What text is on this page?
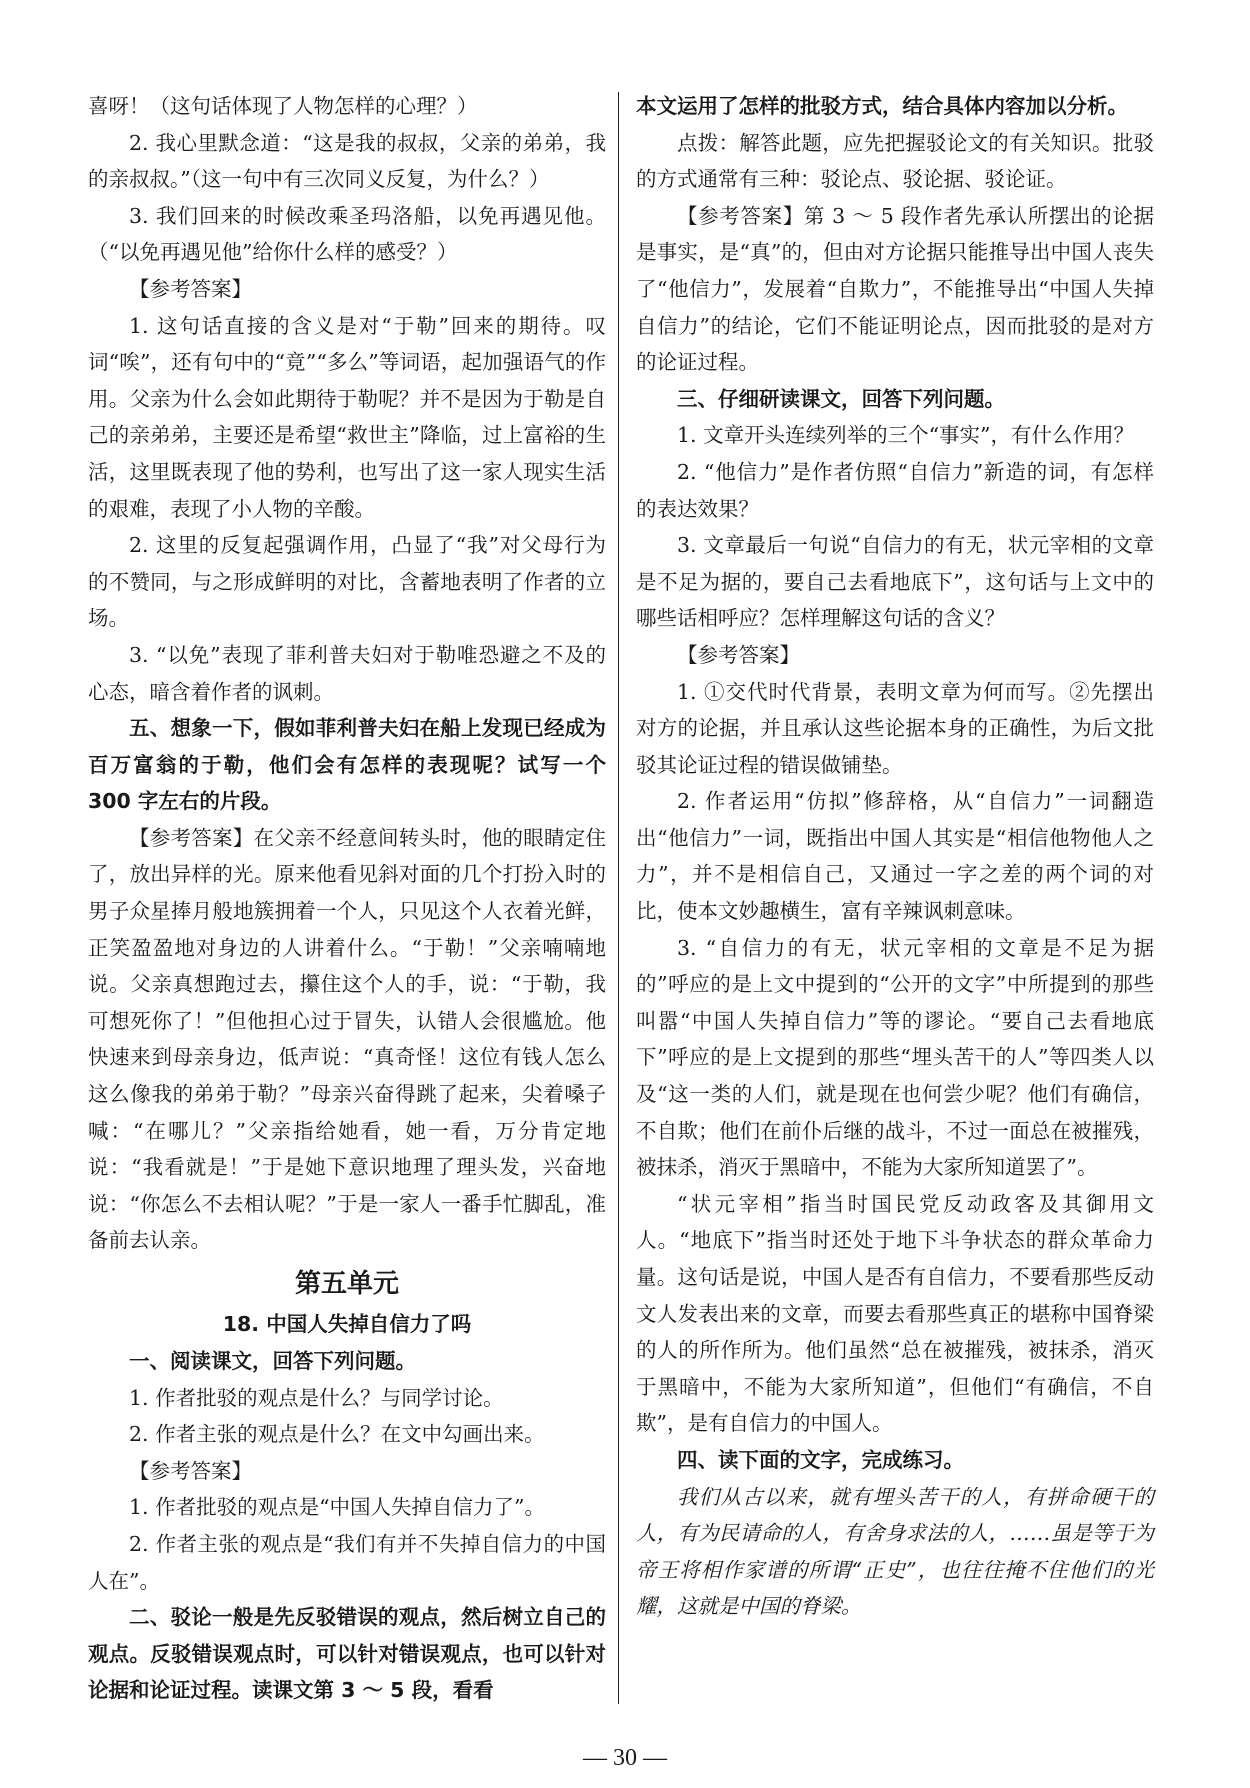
喜呀！（这句话体现了人物怎样的心理？）

2. 我心里默念道：“这是我的叔叔，父亲的弟弟，我的亲叔叔。”（这一句中有三次同义反复，为什么？）

3. 我们回来的时候改乘圣玛洛船，以免再遇见他。（“以免再遇见他”给你什么样的感受？）

【参考答案】

1. 这句话直接的含义是对“于勒”回来的期待。叹词“唉”，还有句中的“竟”“多么”等词语，起加强语气的作用。父亲为什么会如此期待于勒呢？并不是因为于勒是自己的亲弟弟，主要还是希望“救世主”降临，过上富裕的生活，这里既表现了他的势利，也写出了这一家人现实生活的艰难，表现了小人物的辛酸。

2. 这里的反复起强调作用，凸显了“我”对父母行为的不赞同，与之形成鲜明的对比，含蓄地表明了作者的立场。

3. “以免”表现了菲利普夫妇对于勒唯恐避之不及的心态，暗含着作者的讽刺。

五、想象一下，假如菲利普夫妇在船上发现已经成为百万富翁的于勒，他们会有怎样的表现呢？试写一个 300 字左右的片段。

【参考答案】在父亲不经意间转头时，他的眼睛定住了，放出异样的光。原来他看见斜对面的几个打扮入时的男子众星捧月般地簇拥着一个人，只见这个人衣着光鲜，正笑盈盈地对身边的人讲着什么。“于勒！”父亲喃喃地说。父亲真想跑过去，攥住这个人的手，说：“于勒，我可想死你了！”但他担心过于冒失，认错人会很尴尬。他快速来到母亲身边，低声说：“真奇怪！这位有钱人怎么这么像我的弟弟于勒？”母亲兴奋得跳了起来，尖着嗓子喊：“在哪儿？”父亲指给她看，她一看，万分肯定地说：“我看就是！”于是她下意识地理了理头发，兴奋地说：“你怎么不去相认呢？”于是一家人一番手忙脚乱，准备前去认亲。

第五单元

18. 中国人失掉自信力了吗

一、阅读课文，回答下列问题。

1. 作者批驳的观点是什么？与同学讨论。

2. 作者主张的观点是什么？在文中勾画出来。

【参考答案】

1. 作者批驳的观点是“中国人失掉自信力了”。

2. 作者主张的观点是“我们有并不失掉自信力的中国人在”。

二、驳论一般是先反驳错误的观点，然后树立自己的观点。反驳错误观点时，可以针对错误观点，也可以针对论据和论证过程。读课文第 3 ～ 5 段，看看

本文运用了怎样的批驳方式，结合具体内容加以分析。

点拨：解答此题，应先把握驳论文的有关知识。批驳的方式通常有三种：驳论点、驳论据、驳论证。

【参考答案】第 3 ～ 5 段作者先承认所摆出的论据是事实，是“真”的，但由对方论据只能推导出中国人丧失了“他信力”，发展着“自欺力”，不能推导出“中国人失掉自信力”的结论，它们不能证明论点，因而批驳的是对方的论证过程。

三、仔细研读课文，回答下列问题。

1. 文章开头连续列举的三个“事实”，有什么作用？

2. “他信力”是作者仿照“自信力”新造的词，有怎样的表达效果？

3. 文章最后一句说“自信力的有无，状元宰相的文章是不足为据的，要自己去看地底下”，这句话与上文中的哪些话相呼应？怎样理解这句话的含义？

【参考答案】

1. ①交代时代背景，表明文章为何而写。②先摆出对方的论据，并且承认这些论据本身的正确性，为后文批驳其论证过程的错误做铺垫。

2. 作者运用“仿拟”修辞格，从“自信力”一词翻造出“他信力”一词，既指出中国人其实是“相信他物他人之力”，并不是相信自己，又通过一字之差的两个词的对比，使本文妙趣横生，富有辛辣讽刺意味。

3. “自信力的有无，状元宰相的文章是不足为据的”呼应的是上文中提到的“公开的文字”中所提到的那些叫嚣“中国人失掉自信力”等的谬论。“要自己去看地底下”呼应的是上文提到的那些“埋头苦干的人”等四类人以及“这一类的人们，就是现在也何尝少呢？他们有确信，不自欺；他们在前仆后继的战斗，不过一面总在被摧残，被抹杀，消灭于黑暗中，不能为大家所知道罢了”。

“状元宰相”指当时国民党反动政客及其御用文人。“地底下”指当时还处于地下斗争状态的群众革命力量。这句话是说，中国人是否有自信力，不要看那些反动文人发表出来的文章，而要去看那些真正的堪称中国脊梁的人的所作所为。他们虽然“总在被摧残，被抹杀，消灭于黑暗中，不能为大家所知道”，但他们“有确信，不自欺”，是有自信力的中国人。

四、读下面的文字，完成练习。

我们从古以来，就有埋头苦干的人，有拼命硬干的人，有为民请命的人，有舍身求法的人，……虽是等于为帝王将相作家谱的所谓“正史”，也往往掩不住他们的光耀，这就是中国的脊梁。

— 30 —
